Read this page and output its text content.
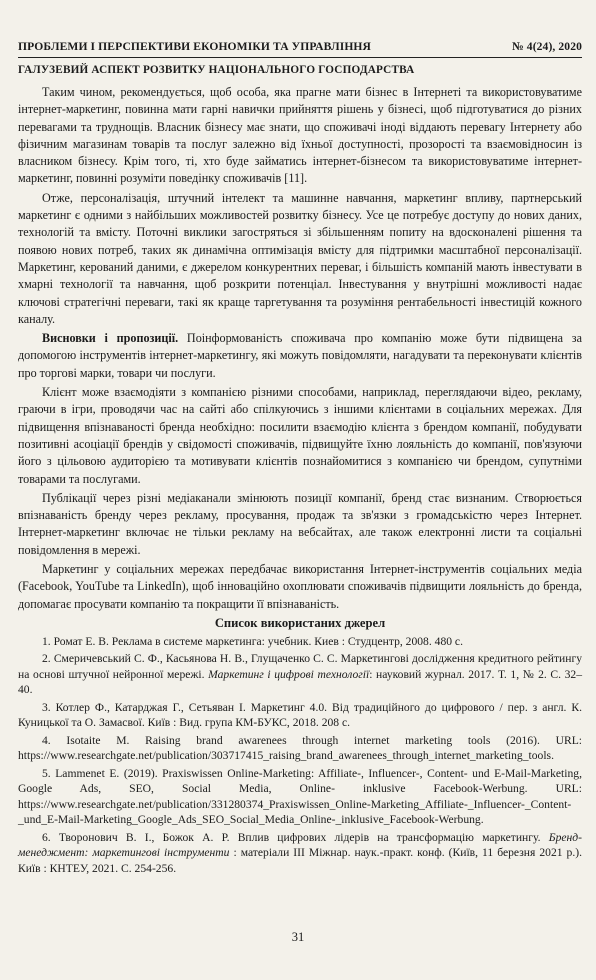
ПРОБЛЕМИ І ПЕРСПЕКТИВИ ЕКОНОМІКИ ТА УПРАВЛІННЯ	№ 4(24), 2020
ГАЛУЗЕВИЙ АСПЕКТ РОЗВИТКУ НАЦІОНАЛЬНОГО ГОСПОДАРСТВА

Таким чином, рекомендується, щоб особа, яка прагне мати бізнес в Інтернеті та використовуватиме інтернет-маркетинг, повинна мати гарні навички прийняття рішень у бізнесі, щоб підготуватися до різних перевагами та труднощів. Власник бізнесу має знати, що споживачі іноді віддають перевагу Інтернету або фізичним магазинам товарів та послуг залежно від їхньої доступності, прозорості та взаємовідносин із власником бізнесу. Крім того, ті, хто буде займатись інтернет-бізнесом та використовуватиме інтернет-маркетинг, повинні розуміти поведінку споживачів [11].

Отже, персоналізація, штучний інтелект та машинне навчання, маркетинг впливу, партнерський маркетинг є одними з найбільших можливостей розвитку бізнесу. Усе це потребує доступу до нових даних, технологій та вмісту. Поточні виклики загостряться зі збільшенням попиту на вдосконалені рішення та появою нових потреб, таких як динамічна оптимізація вмісту для підтримки масштабної персоналізації. Маркетинг, керований даними, є джерелом конкурентних переваг, і більшість компаній мають інвестувати в хмарні технології та навчання, щоб розкрити потенціал. Інвестування у внутрішні можливості надає ключові стратегічні переваги, такі як краще таргетування та розуміння рентабельності інвестицій кожного каналу.

Висновки і пропозиції. Поінформованість споживача про компанію може бути підвищена за допомогою інструментів інтернет-маркетингу, які можуть повідомляти, нагадувати та переконувати клієнтів про торгові марки, товари чи послуги.

Клієнт може взаємодіяти з компанією різними способами, наприклад, переглядаючи відео, рекламу, граючи в ігри, проводячи час на сайті або спілкуючись з іншими клієнтами в соціальних мережах. Для підвищення впізнаваності бренда необхідно: посилити взаємодію клієнта з брендом компанії, побудувати позитивні асоціації брендів у свідомості споживачів, підвищуйте їхню лояльність до компанії, пов'язуючи його з цільовою аудиторією та мотивувати клієнтів познайомитися з компанією чи брендом, супутніми товарами та послугами.

Публікації через різні медіаканали змінюють позиції компанії, бренд стає визнаним. Створюється впізнаваність бренду через рекламу, просування, продаж та зв'язки з громадськістю через Інтернет. Інтернет-маркетинг включає не тільки рекламу на вебсайтах, але також електронні листи та соціальні повідомлення в мережі.

Маркетинг у соціальних мережах передбачає використання Інтернет-інструментів соціальних медіа (Facebook, YouTube та LinkedIn), щоб інноваційно охоплювати споживачів підвищити лояльність до бренда, допомагає просувати компанію та покращити її впізнаваність.

Список використаних джерел

1. Ромат Е. В. Реклама в системе маркетинга: учебник. Киев : Студцентр, 2008. 480 с.

2. Смеричевський С. Ф., Касьянова Н. В., Глущаченко С. С. Маркетингові дослідження кредитного рейтингу на основі штучної нейронної мережі. Маркетинг і цифрові технології: науковий журнал. 2017. Т. 1, № 2. С. 32–40.

3. Котлер Ф., Катарджая Г., Сетьяван І. Маркетинг 4.0. Від традиційного до цифрового / пер. з англ. К. Куницької та О. Замасвої. Київ : Вид. група КМ-БУКС, 2018. 208 с.

4. Isotaite M. Raising brand awarenees through internet marketing tools (2016). URL: https://www.researchgate.net/publication/303717415_raising_brand_awarenees_through_internet_marketing_tools.

5. Lammenet E. (2019). Praxiswissen Online-Marketing: Affiliate-, Influencer-, Content- und E-Mail-Marketing, Google Ads, SEO, Social Media, Online- inklusive Facebook-Werbung. URL: https://www.researchgate.net/publication/331280374_Praxiswissen_Online-Marketing_Affiliate-_Influencer-_Content-_und_E-Mail-Marketing_Google_Ads_SEO_Social_Media_Online-_inklusive_Facebook-Werbung.

6. Творонович В. І., Божок А. Р. Вплив цифрових лідерів на трансформацію маркетингу. Бренд-менеджмент: маркетингові інструменти : матеріали ІІІ Міжнар. наук.-практ. конф. (Київ, 11 березня 2021 р.). Київ : КНТЕУ, 2021. С. 254-256.

31
